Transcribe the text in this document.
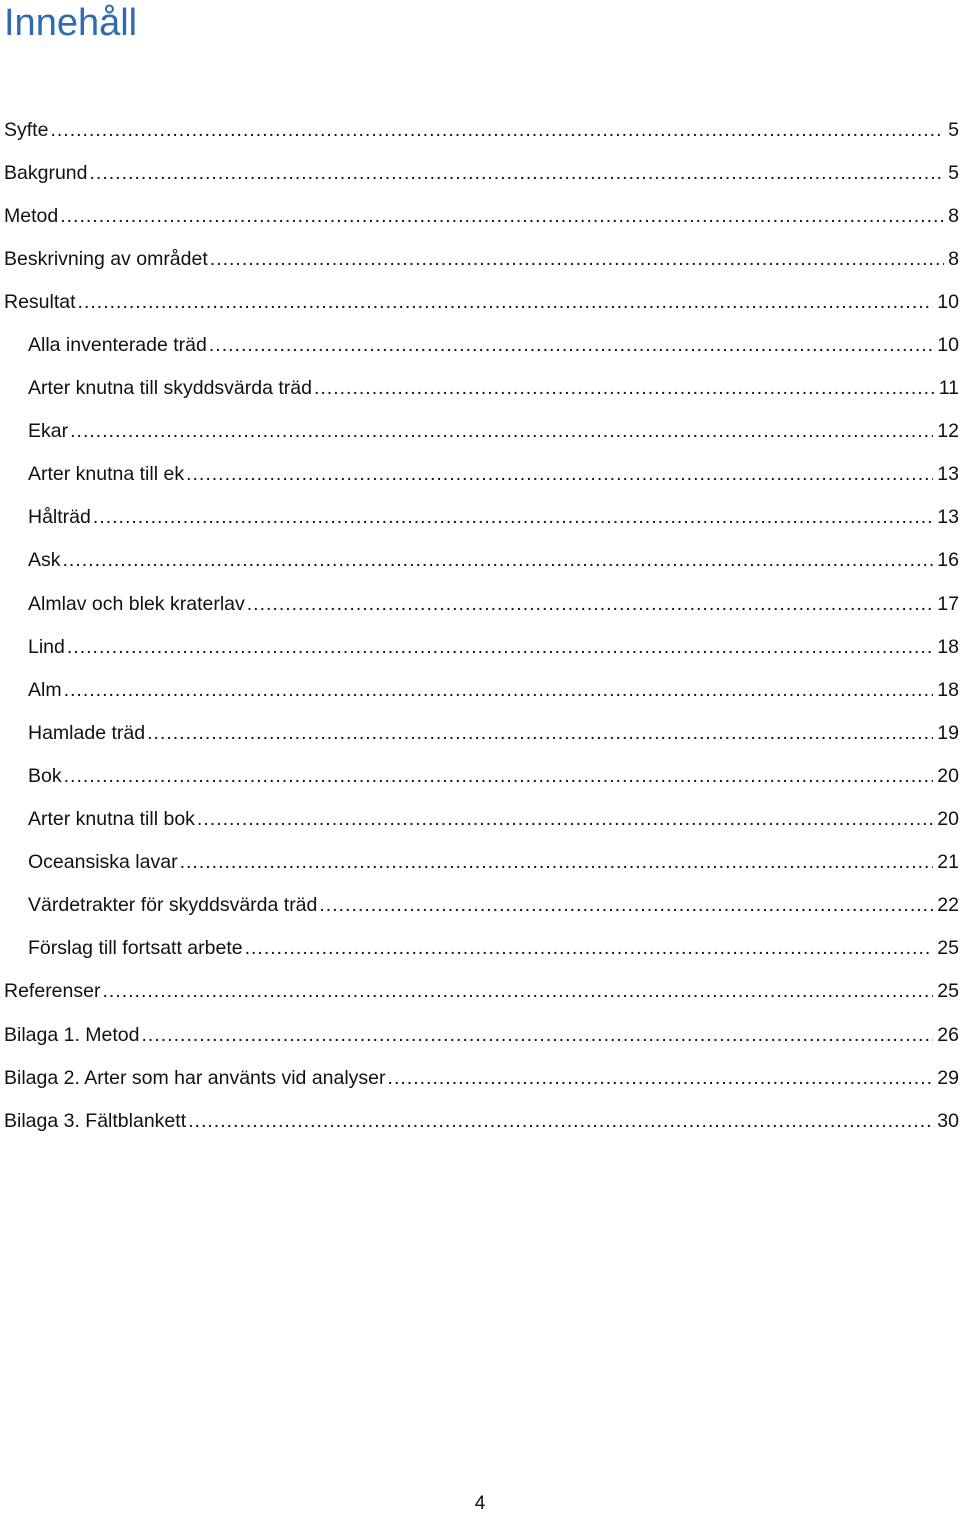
Innehåll
Syfte .....	5
Bakgrund .....	5
Metod .....	8
Beskrivning av området .....	8
Resultat .....	10
Alla inventerade träd .....	10
Arter knutna till skyddsvärda träd .....	11
Ekar .....	12
Arter knutna till ek .....	13
Hålträd .....	13
Ask .....	16
Almlav och blek kraterlav .....	17
Lind .....	18
Alm .....	18
Hamlade träd .....	19
Bok .....	20
Arter knutna till bok .....	20
Oceansiska lavar .....	21
Värdetrakter för skyddsvärda träd .....	22
Förslag till fortsatt arbete .....	25
Referenser .....	25
Bilaga 1. Metod .....	26
Bilaga 2. Arter som har använts vid analyser .....	29
Bilaga 3. Fältblankett .....	30
4
